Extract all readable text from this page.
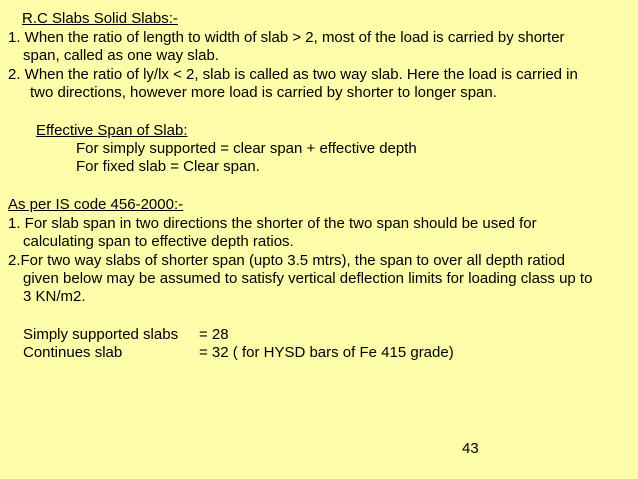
R.C Slabs Solid Slabs:-
1. When the ratio of length to width of slab > 2, most of the load is carried by shorter
span, called as one way slab.
2. When the ratio of ly/lx < 2, slab is called as two way slab. Here the load is carried in
two directions, however more load is carried by shorter to longer span.
Effective Span of Slab:
For simply supported = clear span + effective depth
For fixed slab = Clear span.
As per IS code 456-2000:-
1. For slab span in two directions the shorter of the two span should be used for
calculating span to effective depth ratios.
2.For two way slabs of shorter span (upto 3.5 mtrs), the span to over all depth ratiod
given below may be assumed to satisfy vertical deflection limits for loading class up to
3 KN/m2.
Simply supported slabs = 28
Continues slab	= 32 ( for HYSD bars of Fe 415 grade)
43
